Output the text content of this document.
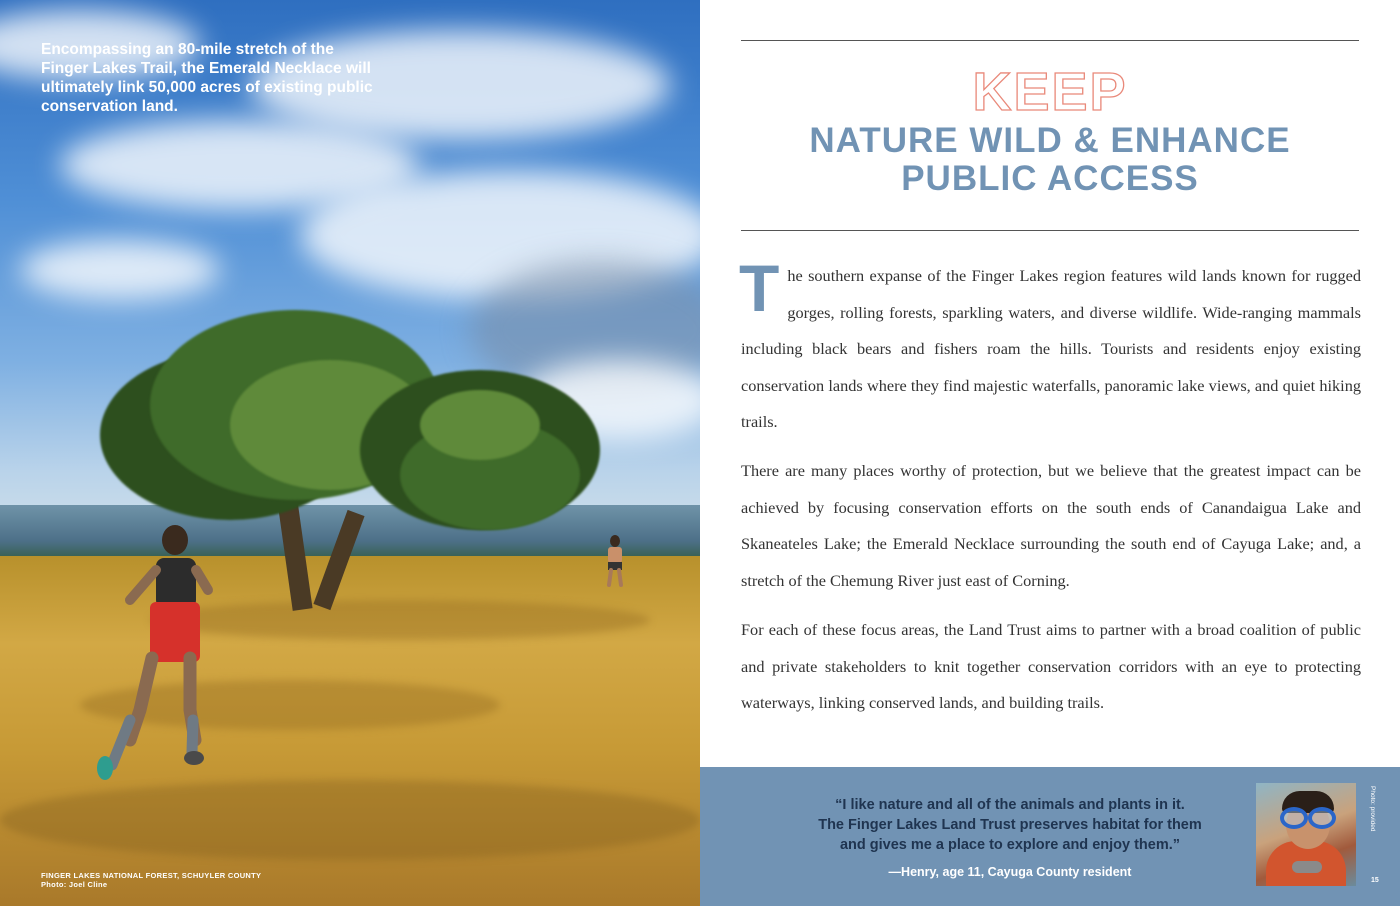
Encompassing an 80-mile stretch of the Finger Lakes Trail, the Emerald Necklace will ultimately link 50,000 acres of existing public conservation land.
FINGER LAKES NATIONAL FOREST, SCHUYLER COUNTY
Photo: Joel Cline
KEEP
NATURE WILD & ENHANCE
PUBLIC ACCESS

The southern expanse of the Finger Lakes region features wild lands known for rugged gorges, rolling forests, sparkling waters, and diverse wildlife. Wide-ranging mammals including black bears and fishers roam the hills. Tourists and residents enjoy existing conservation lands where they find majestic waterfalls, panoramic lake views, and quiet hiking trails.

There are many places worthy of protection, but we believe that the greatest impact can be achieved by focusing conservation efforts on the south ends of Canandaigua Lake and Skaneateles Lake; the Emerald Necklace surrounding the south end of Cayuga Lake; and, a stretch of the Chemung River just east of Corning.

For each of these focus areas, the Land Trust aims to partner with a broad coalition of public and private stakeholders to knit together conservation corridors with an eye to protecting waterways, linking conserved lands, and building trails.

“I like nature and all of the animals and plants in it.
The Finger Lakes Land Trust preserves habitat for them
and gives me a place to explore and enjoy them.”
—Henry, age 11, Cayuga County resident
Photo: provided
15
